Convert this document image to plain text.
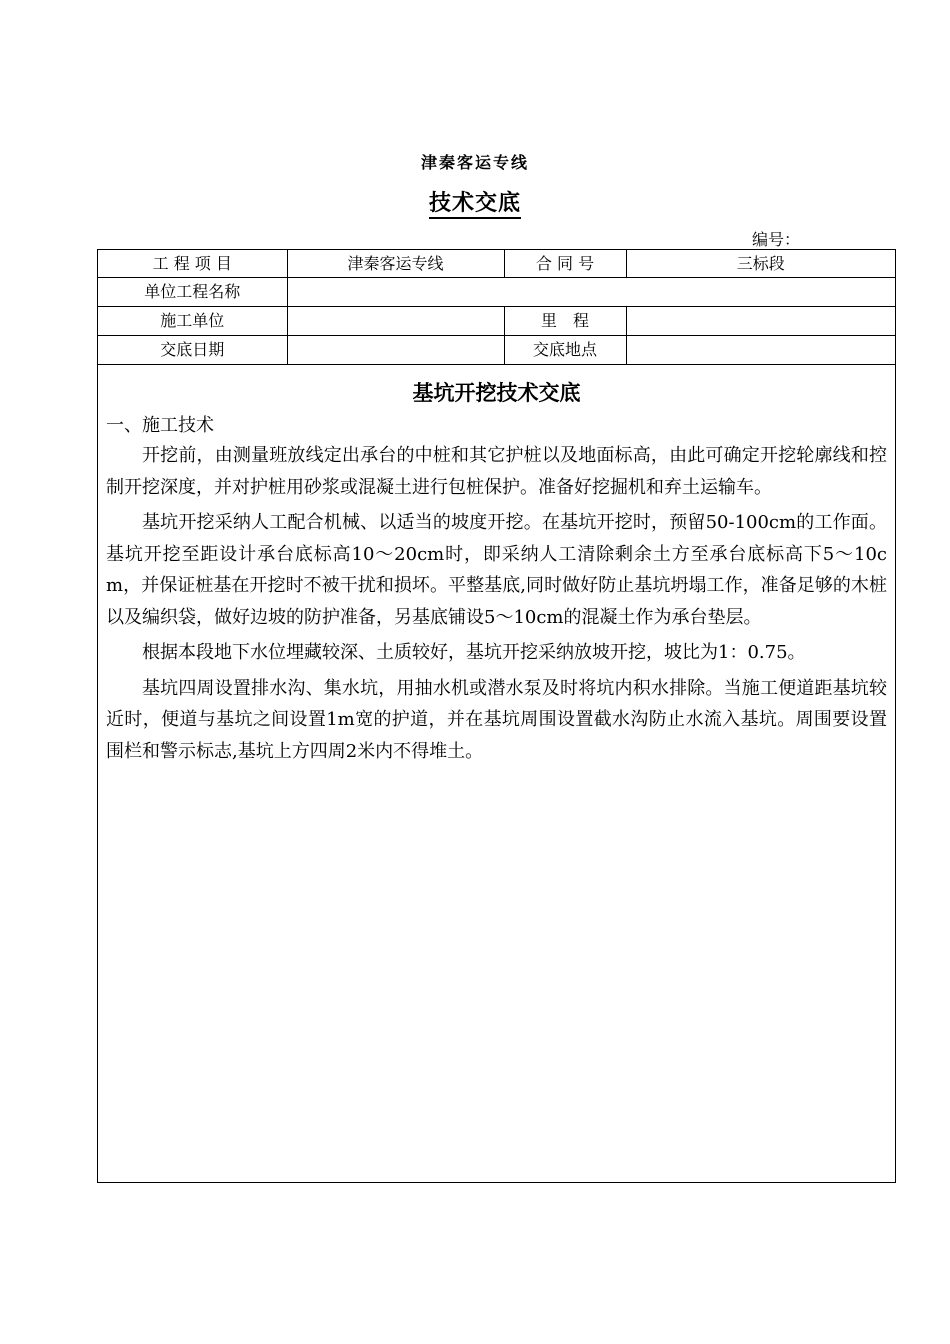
津秦客运专线
技术交底
编号：
工 程 项 目	津秦客运专线	合 同 号	三标段
单位工程名称			
施工单位		里　程	
交底日期		交底地点	
基坑开挖技术交底
一、施工技术

开挖前，由测量班放线定出承台的中桩和其它护桩以及地面标高，由此可确定开挖轮廓线和控制开挖深度，并对护桩用砂浆或混凝土进行包桩保护。准备好挖掘机和弃土运输车。

基坑开挖采纳人工配合机械、以适当的坡度开挖。在基坑开挖时，预留50-100cm的工作面。基坑开挖至距设计承台底标高10～20cm时，即采纳人工清除剩余土方至承台底标高下5～10cm，并保证桩基在开挖时不被干扰和损坏。平整基底,同时做好防止基坑坍塌工作，准备足够的木桩以及编织袋，做好边坡的防护准备，另基底铺设5～10cm的混凝土作为承台垫层。

根据本段地下水位埋藏较深、土质较好，基坑开挖采纳放坡开挖，坡比为1：0.75。

基坑四周设置排水沟、集水坑，用抽水机或潜水泵及时将坑内积水排除。当施工便道距基坑较近时，便道与基坑之间设置1m宽的护道，并在基坑周围设置截水沟防止水流入基坑。周围要设置围栏和警示标志,基坑上方四周2米内不得堆土。
